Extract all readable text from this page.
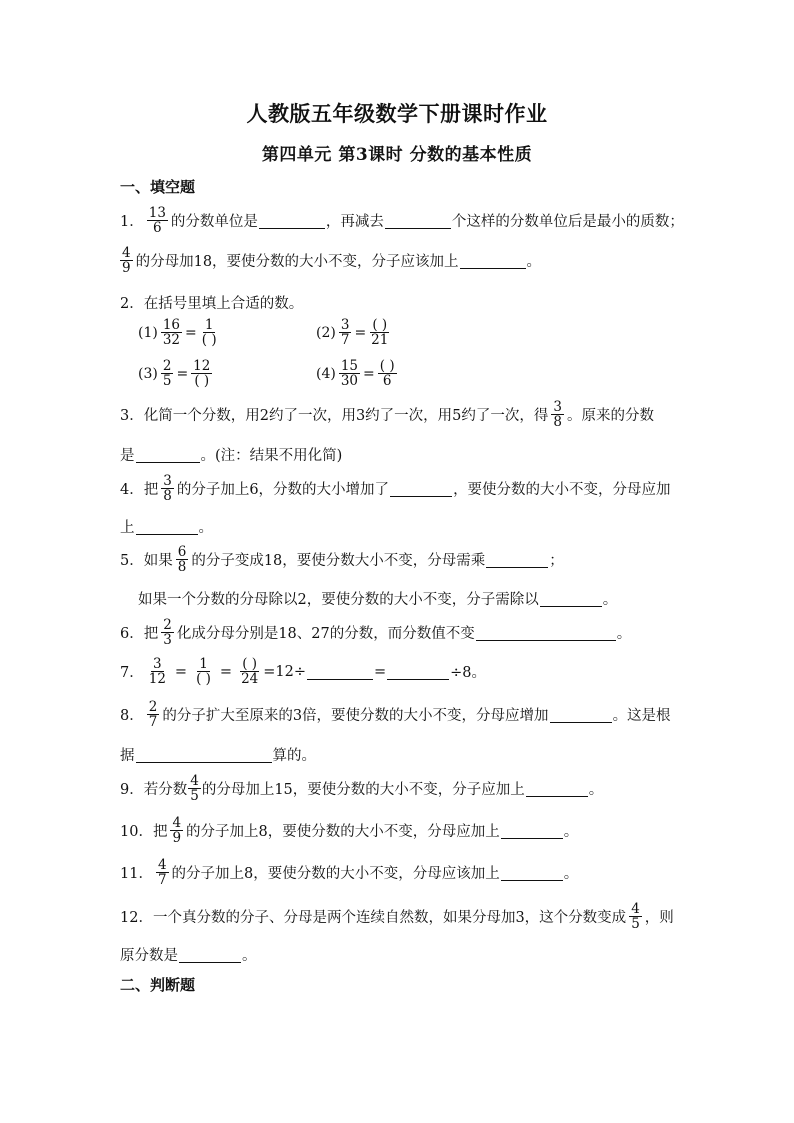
人教版五年级数学下册课时作业
第四单元 第3课时 分数的基本性质
一、填空题
1． $\frac{13}{6}$ 的分数单位是	，再减去	个这样的分数单位后是最小的质数；
$\frac{4}{9}$ 的分母加18，要使分数的大小不变，分子应该加上	。
2．在括号里填上合适的数。
$(1) \frac{16}{32} = \frac{1}{( )}$	$(2) \frac{3}{7} = \frac{( )}{21}$
$(3) \frac{2}{5} = \frac{12}{( )}$	$(4) \frac{15}{30} = \frac{( )}{6}$
3．化简一个分数，用2约了一次，用3约了一次，用5约了一次，得 $\frac{3}{8}$ 。原来的分数
是	。(注：结果不用化简)
4．把 $\frac{3}{8}$ 的分子加上6，分数的大小增加了	，要使分数的大小不变，分母应加
上	。
5．如果 $\frac{6}{8}$ 的分子变成18，要使分数大小不变，分母需乘	；
如果一个分数的分母除以2，要使分数的大小不变，分子需除以	。
6．把 $\frac{2}{3}$ 化成分母分别是18、27的分数，而分数值不变	。
7． $\frac{3}{12} = \frac{1}{( )} = \frac{( )}{24} =12\div$	=	÷8。
8． $\frac{2}{7}$ 的分子扩大至原来的3倍，要使分数的大小不变，分母应增加	。这是根
据	算的。
9．若分数 $\frac{4}{5}$ 的分母加上15，要使分数的大小不变，分子应加上	。
10．把 $\frac{4}{9}$ 的分子加上8，要使分数的大小不变，分母应加上	。
11． $\frac{4}{7}$ 的分子加上8，要使分数的大小不变，分母应该加上	。
12．一个真分数的分子、分母是两个连续自然数，如果分母加3，这个分数变成 $\frac{4}{5}$ ，则
原分数是	。
二、判断题
